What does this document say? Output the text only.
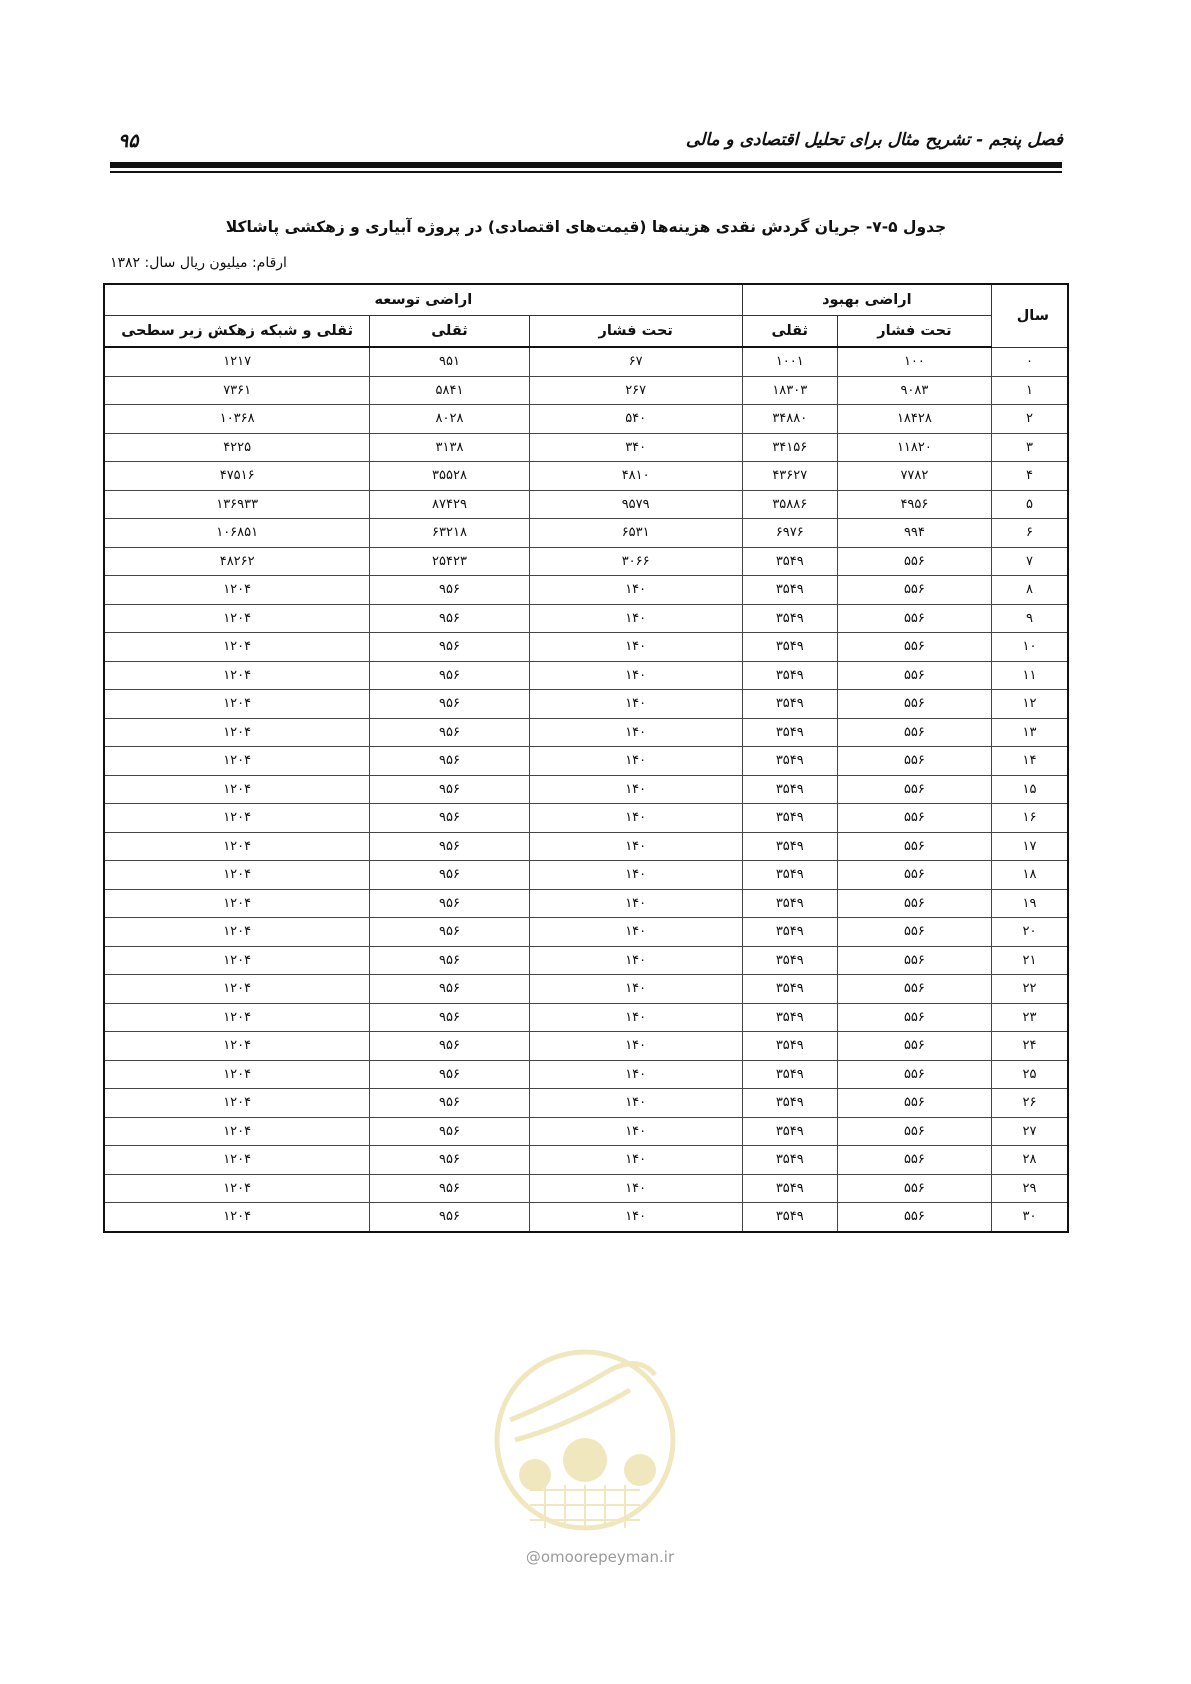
فصل پنجم - تشریح مثال برای تحلیل اقتصادی و مالی
۹۵
جدول ۵-۷- جریان گردش نقدی هزینه‌ها (قیمت‌های اقتصادی) در پروژه آبیاری و زهکشی پاشاکلا
ارقام: میلیون ریال سال: ۱۳۸۲
سال	اراضی بهبود		اراضی توسعه		
	تحت فشار	ثقلی	تحت فشار	ثقلی	ثقلی و شبکه زهکش زیر سطحی
۰	۱۰۰	۱۰۰۱	۶۷	۹۵۱	۱۲۱۷
۱	۹۰۸۳	۱۸۳۰۳	۲۶۷	۵۸۴۱	۷۳۶۱
۲	۱۸۴۲۸	۳۴۸۸۰	۵۴۰	۸۰۲۸	۱۰۳۶۸
۳	۱۱۸۲۰	۳۴۱۵۶	۳۴۰	۳۱۳۸	۴۲۲۵
۴	۷۷۸۲	۴۳۶۲۷	۴۸۱۰	۳۵۵۲۸	۴۷۵۱۶
۵	۴۹۵۶	۳۵۸۸۶	۹۵۷۹	۸۷۴۲۹	۱۳۶۹۳۳
۶	۹۹۴	۶۹۷۶	۶۵۳۱	۶۳۲۱۸	۱۰۶۸۵۱
۷	۵۵۶	۳۵۴۹	۳۰۶۶	۲۵۴۲۳	۴۸۲۶۲
۸	۵۵۶	۳۵۴۹	۱۴۰	۹۵۶	۱۲۰۴
۹	۵۵۶	۳۵۴۹	۱۴۰	۹۵۶	۱۲۰۴
۱۰	۵۵۶	۳۵۴۹	۱۴۰	۹۵۶	۱۲۰۴
۱۱	۵۵۶	۳۵۴۹	۱۴۰	۹۵۶	۱۲۰۴
۱۲	۵۵۶	۳۵۴۹	۱۴۰	۹۵۶	۱۲۰۴
۱۳	۵۵۶	۳۵۴۹	۱۴۰	۹۵۶	۱۲۰۴
۱۴	۵۵۶	۳۵۴۹	۱۴۰	۹۵۶	۱۲۰۴
۱۵	۵۵۶	۳۵۴۹	۱۴۰	۹۵۶	۱۲۰۴
۱۶	۵۵۶	۳۵۴۹	۱۴۰	۹۵۶	۱۲۰۴
۱۷	۵۵۶	۳۵۴۹	۱۴۰	۹۵۶	۱۲۰۴
۱۸	۵۵۶	۳۵۴۹	۱۴۰	۹۵۶	۱۲۰۴
۱۹	۵۵۶	۳۵۴۹	۱۴۰	۹۵۶	۱۲۰۴
۲۰	۵۵۶	۳۵۴۹	۱۴۰	۹۵۶	۱۲۰۴
۲۱	۵۵۶	۳۵۴۹	۱۴۰	۹۵۶	۱۲۰۴
۲۲	۵۵۶	۳۵۴۹	۱۴۰	۹۵۶	۱۲۰۴
۲۳	۵۵۶	۳۵۴۹	۱۴۰	۹۵۶	۱۲۰۴
۲۴	۵۵۶	۳۵۴۹	۱۴۰	۹۵۶	۱۲۰۴
۲۵	۵۵۶	۳۵۴۹	۱۴۰	۹۵۶	۱۲۰۴
۲۶	۵۵۶	۳۵۴۹	۱۴۰	۹۵۶	۱۲۰۴
۲۷	۵۵۶	۳۵۴۹	۱۴۰	۹۵۶	۱۲۰۴
۲۸	۵۵۶	۳۵۴۹	۱۴۰	۹۵۶	۱۲۰۴
۲۹	۵۵۶	۳۵۴۹	۱۴۰	۹۵۶	۱۲۰۴
۳۰	۵۵۶	۳۵۴۹	۱۴۰	۹۵۶	۱۲۰۴
@omoorepeyman.ir
